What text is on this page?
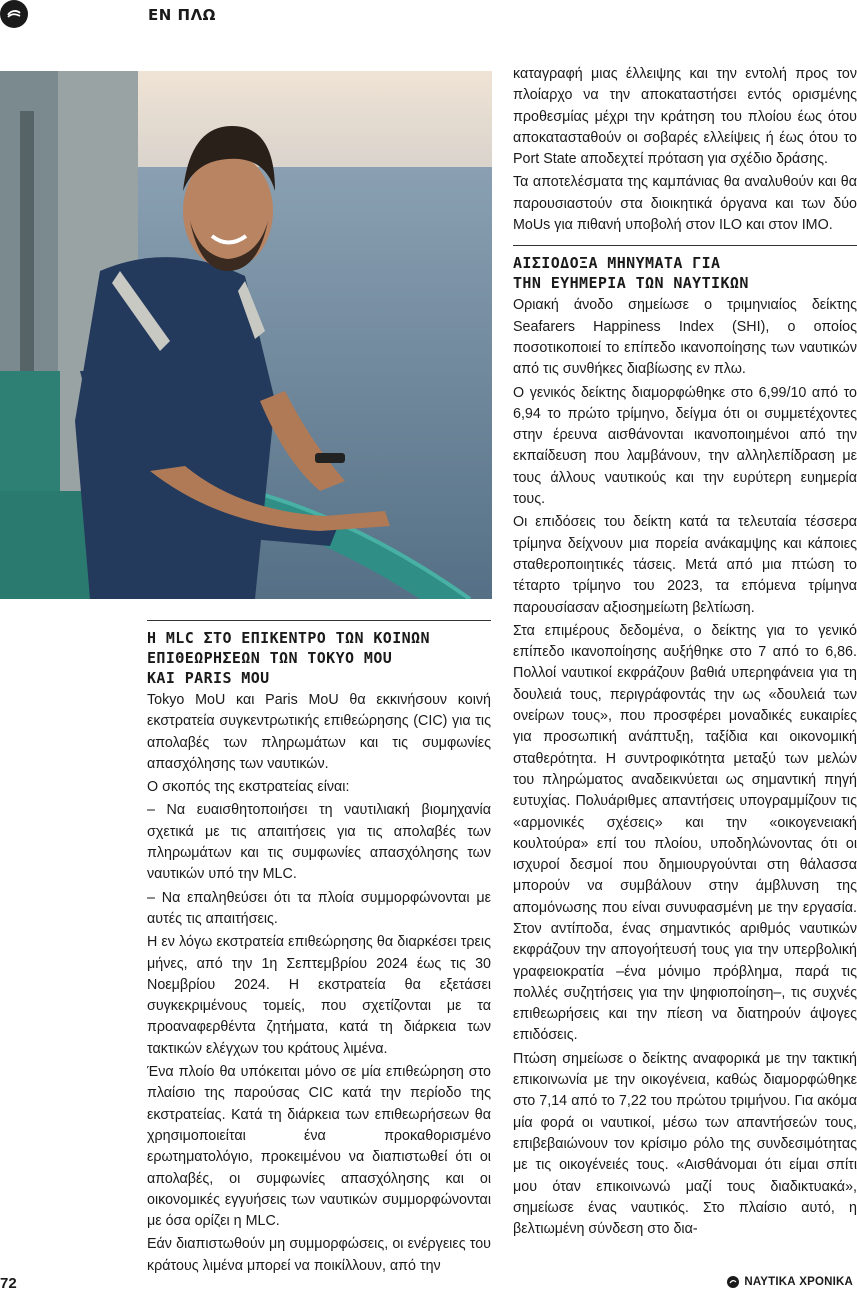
ΕΝ ΠΛΩ
Η MLC ΣΤΟ ΕΠΙΚΕΝΤΡΟ ΤΩΝ ΚΟΙΝΩΝ
ΕΠΙΘΕΩΡΗΣΕΩΝ ΤΩΝ TOKYO MOU
ΚΑΙ PARIS MOU

Tokyo MoU και Paris MoU θα εκκινήσουν κοινή εκστρατεία συγκεντρωτικής επιθεώρησης (CIC) για τις απολαβές των πληρωμάτων και τις συμφωνίες απασχόλησης των ναυτικών.

Ο σκοπός της εκστρατείας είναι:

– Να ευαισθητοποιήσει τη ναυτιλιακή βιομηχανία σχετικά με τις απαιτήσεις για τις απολαβές των πληρωμάτων και τις συμφωνίες απασχόλησης των ναυτικών υπό την MLC.

– Να επαληθεύσει ότι τα πλοία συμμορφώνονται με αυτές τις απαιτήσεις.

Η εν λόγω εκστρατεία επιθεώρησης θα διαρκέσει τρεις μήνες, από την 1η Σεπτεμβρίου 2024 έως τις 30 Νοεμβρίου 2024. Η εκστρατεία θα εξετάσει συγκεκριμένους τομείς, που σχετίζονται με τα προαναφερθέντα ζητήματα, κατά τη διάρκεια των τακτικών ελέγχων του κράτους λιμένα.

Ένα πλοίο θα υπόκειται μόνο σε μία επιθεώρηση στο πλαίσιο της παρούσας CIC κατά την περίοδο της εκστρατείας. Κατά τη διάρκεια των επιθεωρήσεων θα χρησιμοποιείται ένα προκαθορισμένο ερωτηματολόγιο, προκειμένου να διαπιστωθεί ότι οι απολαβές, οι συμφωνίες απασχόλησης και οι οικονομικές εγγυήσεις των ναυτικών συμμορφώνονται με όσα ορίζει η MLC.

Εάν διαπιστωθούν μη συμμορφώσεις, οι ενέργειες του κράτους λιμένα μπορεί να ποικίλλουν, από την

καταγραφή μιας έλλειψης και την εντολή προς τον πλοίαρχο να την αποκαταστήσει εντός ορισμένης προθεσμίας μέχρι την κράτηση του πλοίου έως ότου αποκατασταθούν οι σοβαρές ελλείψεις ή έως ότου το Port State αποδεχτεί πρόταση για σχέδιο δράσης.

Τα αποτελέσματα της καμπάνιας θα αναλυθούν και θα παρουσιαστούν στα διοικητικά όργανα και των δύο MoUs για πιθανή υποβολή στον ILO και στον IMO.

ΑΙΣΙΟΔΟΞΑ ΜΗΝΥΜΑΤΑ ΓΙΑ
ΤΗΝ ΕΥΗΜΕΡΙΑ ΤΩΝ ΝΑΥΤΙΚΩΝ

Οριακή άνοδο σημείωσε ο τριμηνιαίος δείκτης Seafarers Happiness Index (SHI), ο οποίος ποσοτικοποιεί το επίπεδο ικανοποίησης των ναυτικών από τις συνθήκες διαβίωσης εν πλω.

Ο γενικός δείκτης διαμορφώθηκε στο 6,99/10 από το 6,94 το πρώτο τρίμηνο, δείγμα ότι οι συμμετέχοντες στην έρευνα αισθάνονται ικανοποιημένοι από την εκπαίδευση που λαμβάνουν, την αλληλεπίδραση με τους άλλους ναυτικούς και την ευρύτερη ευημερία τους.

Οι επιδόσεις του δείκτη κατά τα τελευταία τέσσερα τρίμηνα δείχνουν μια πορεία ανάκαμψης και κάποιες σταθεροποιητικές τάσεις. Μετά από μια πτώση το τέταρτο τρίμηνο του 2023, τα επόμενα τρίμηνα παρουσίασαν αξιοσημείωτη βελτίωση.

Στα επιμέρους δεδομένα, ο δείκτης για το γενικό επίπεδο ικανοποίησης αυξήθηκε στο 7 από το 6,86. Πολλοί ναυτικοί εκφράζουν βαθιά υπερηφάνεια για τη δουλειά τους, περιγράφοντάς την ως «δουλειά των ονείρων τους», που προσφέρει μοναδικές ευκαιρίες για προσωπική ανάπτυξη, ταξίδια και οικονομική σταθερότητα. Η συντροφικότητα μεταξύ των μελών του πληρώματος αναδεικνύεται ως σημαντική πηγή ευτυχίας. Πολυάριθμες απαντήσεις υπογραμμίζουν τις «αρμονικές σχέσεις» και την «οικογενειακή κουλτούρα» επί του πλοίου, υποδηλώνοντας ότι οι ισχυροί δεσμοί που δημιουργούνται στη θάλασσα μπορούν να συμβάλουν στην άμβλυνση της απομόνωσης που είναι συνυφασμένη με την εργασία. Στον αντίποδα, ένας σημαντικός αριθμός ναυτικών εκφράζουν την απογοήτευσή τους για την υπερβολική γραφειοκρατία –ένα μόνιμο πρόβλημα, παρά τις πολλές συζητήσεις για την ψηφιοποίηση–, τις συχνές επιθεωρήσεις και την πίεση να διατηρούν άψογες επιδόσεις.

Πτώση σημείωσε ο δείκτης αναφορικά με την τακτική επικοινωνία με την οικογένεια, καθώς διαμορφώθηκε στο 7,14 από το 7,22 του πρώτου τριμήνου. Για ακόμα μία φορά οι ναυτικοί, μέσω των απαντήσεών τους, επιβεβαιώνουν τον κρίσιμο ρόλο της συνδεσιμότητας με τις οικογένειές τους. «Αισθάνομαι ότι είμαι σπίτι μου όταν επικοινωνώ μαζί τους διαδικτυακά», σημείωσε ένας ναυτικός. Στο πλαίσιο αυτό, η βελτιωμένη σύνδεση στο δια-

72	ΝΑΥΤΙΚΑ ΧΡΟΝΙΚΑ
